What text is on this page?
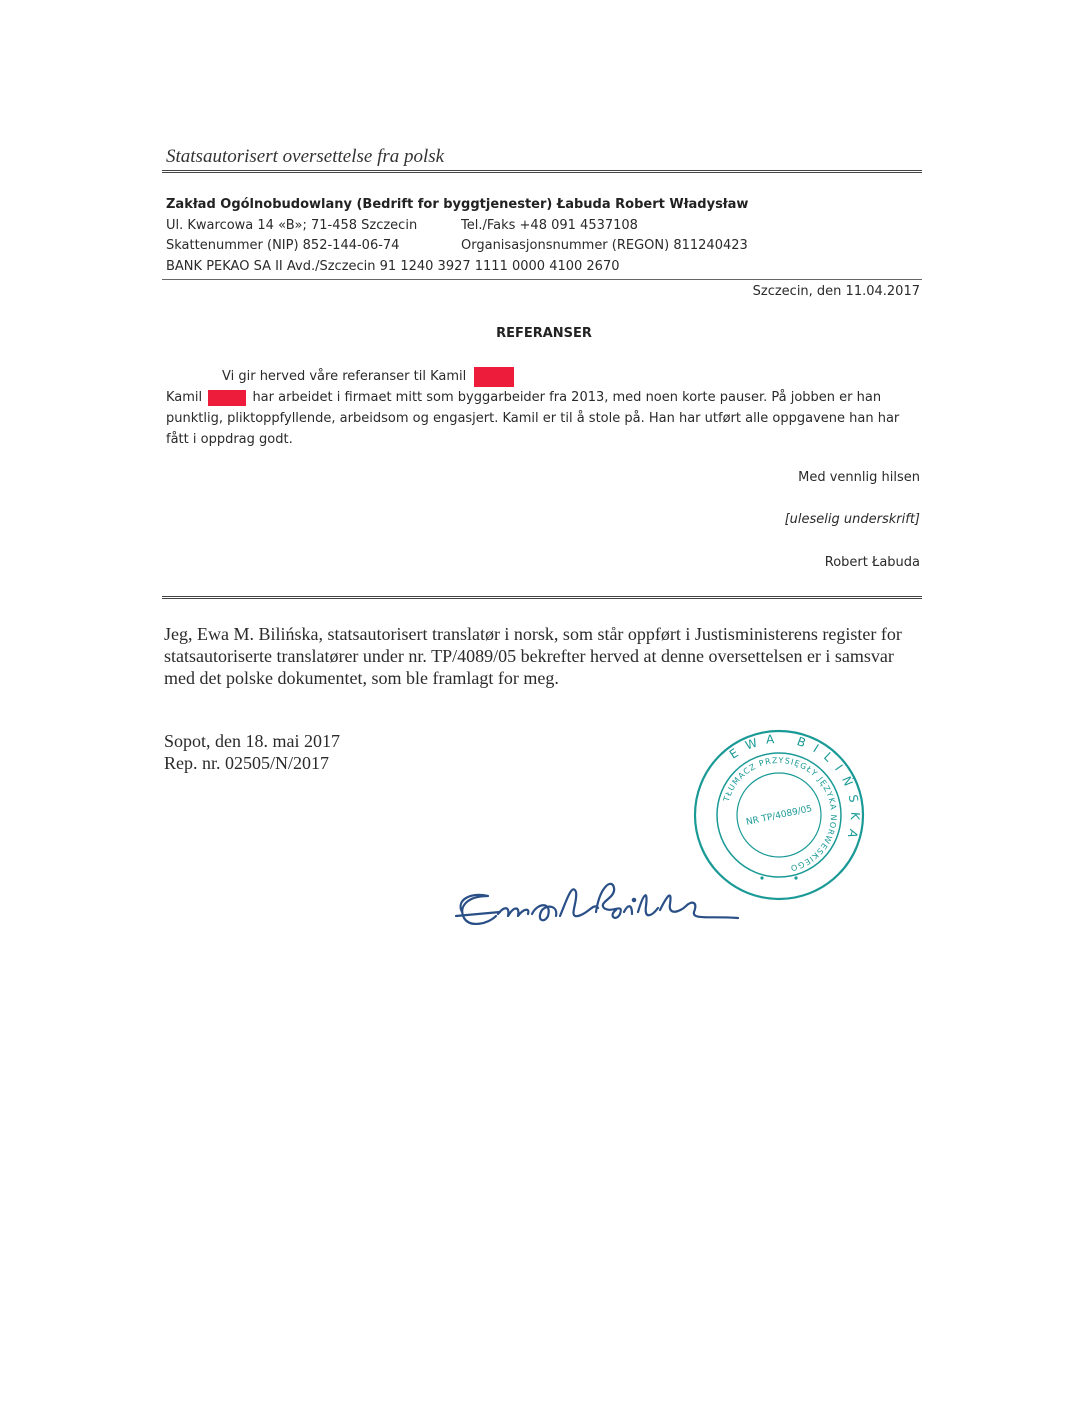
Statsautorisert oversettelse fra polsk
Zakład Ogólnobudowlany (Bedrift for byggtjenester) Łabuda Robert Władysław
Ul. Kwarcowa 14 «B»; 71-458 Szczecin	Tel./Faks +48 091 4537108
Skattenummer (NIP) 852-144-06-74	Organisasjonsnummer (REGON) 811240423
BANK PEKAO SA II Avd./Szczecin 91 1240 3927 1111 0000 4100 2670
Szczecin, den 11.04.2017
REFERANSER
Vi gir herved våre referanser til Kamil
Kamil	har arbeidet i firmaet mitt som byggarbeider fra 2013, med noen korte pauser. På jobben er han
punktlig, pliktoppfyllende, arbeidsom og engasjert. Kamil er til å stole på. Han har utført alle oppgavene han har
fått i oppdrag godt.
Med vennlig hilsen
[uleselig underskrift]
Robert Łabuda
Jeg, Ewa M. Bilińska, statsautorisert translatør i norsk, som står oppført i Justisministerens register for statsautoriserte translatører under nr. TP/4089/05 bekrefter herved at denne oversettelsen er i samsvar med det polske dokumentet, som ble framlagt for meg.
Sopot, den 18. mai 2017
Rep. nr. 02505/N/2017
EWA BILIŃSKA
TŁUMACZ PRZYSIĘGŁY JĘZYKA NORWESKIEGO
NR TP/4089/05
